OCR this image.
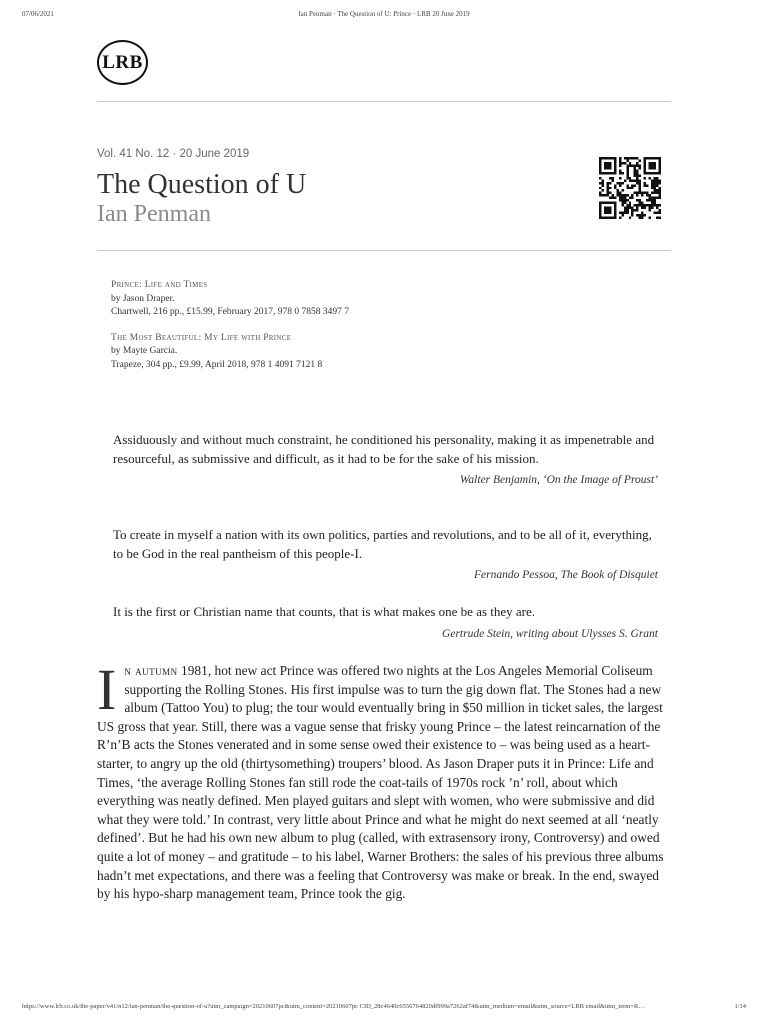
07/06/2021	Ian Penman · The Question of U: Prince · LRB 20 June 2019
LRB
Vol. 41 No. 12 · 20 June 2019
The Question of U
Ian Penman
Prince: Life and Times
by Jason Draper.
Chartwell, 216 pp., £15.99, February 2017, 978 0 7858 3497 7
The Most Beautiful: My Life with Prince
by Mayte Garcia.
Trapeze, 304 pp., £9.99, April 2018, 978 1 4091 7121 8
Assiduously and without much constraint, he conditioned his personality, making it as impenetrable and resourceful, as submissive and difficult, as it had to be for the sake of his mission.
Walter Benjamin, ‘On the Image of Proust’
To create in myself a nation with its own politics, parties and revolutions, and to be all of it, everything, to be God in the real pantheism of this people-I.
Fernando Pessoa, The Book of Disquiet
It is the first or Christian name that counts, that is what makes one be as they are.
Gertrude Stein, writing about Ulysses S. Grant
In autumn 1981, hot new act Prince was offered two nights at the Los Angeles Memorial Coliseum supporting the Rolling Stones. His first impulse was to turn the gig down flat. The Stones had a new album (Tattoo You) to plug; the tour would eventually bring in $50 million in ticket sales, the largest US gross that year. Still, there was a vague sense that frisky young Prince – the latest reincarnation of the R’n’B acts the Stones venerated and in some sense owed their existence to – was being used as a heart-starter, to angry up the old (thirtysomething) troupers’ blood. As Jason Draper puts it in Prince: Life and Times, ‘the average Rolling Stones fan still rode the coat-tails of 1970s rock ’n’ roll, about which everything was neatly defined. Men played guitars and slept with women, who were submissive and did what they were told.’ In contrast, very little about Prince and what he might do next seemed at all ‘neatly defined’. But he had his own new album to plug (called, with extrasensory irony, Controversy) and owed quite a lot of money – and gratitude – to his label, Warner Brothers: the sales of his previous three albums hadn’t met expectations, and there was a feeling that Controversy was make or break. In the end, swayed by his hypo-sharp management team, Prince took the gig.
https://www.lrb.co.uk/the-paper/v41/n12/ian-penman/the-question-of-u?utm_campaign=20210607pc&utm_content=20210607pc CID_28c4640c6556764820df999a7262af74&utm_medium=email&utm_source=LRB email&utm_term=R…	1/14
